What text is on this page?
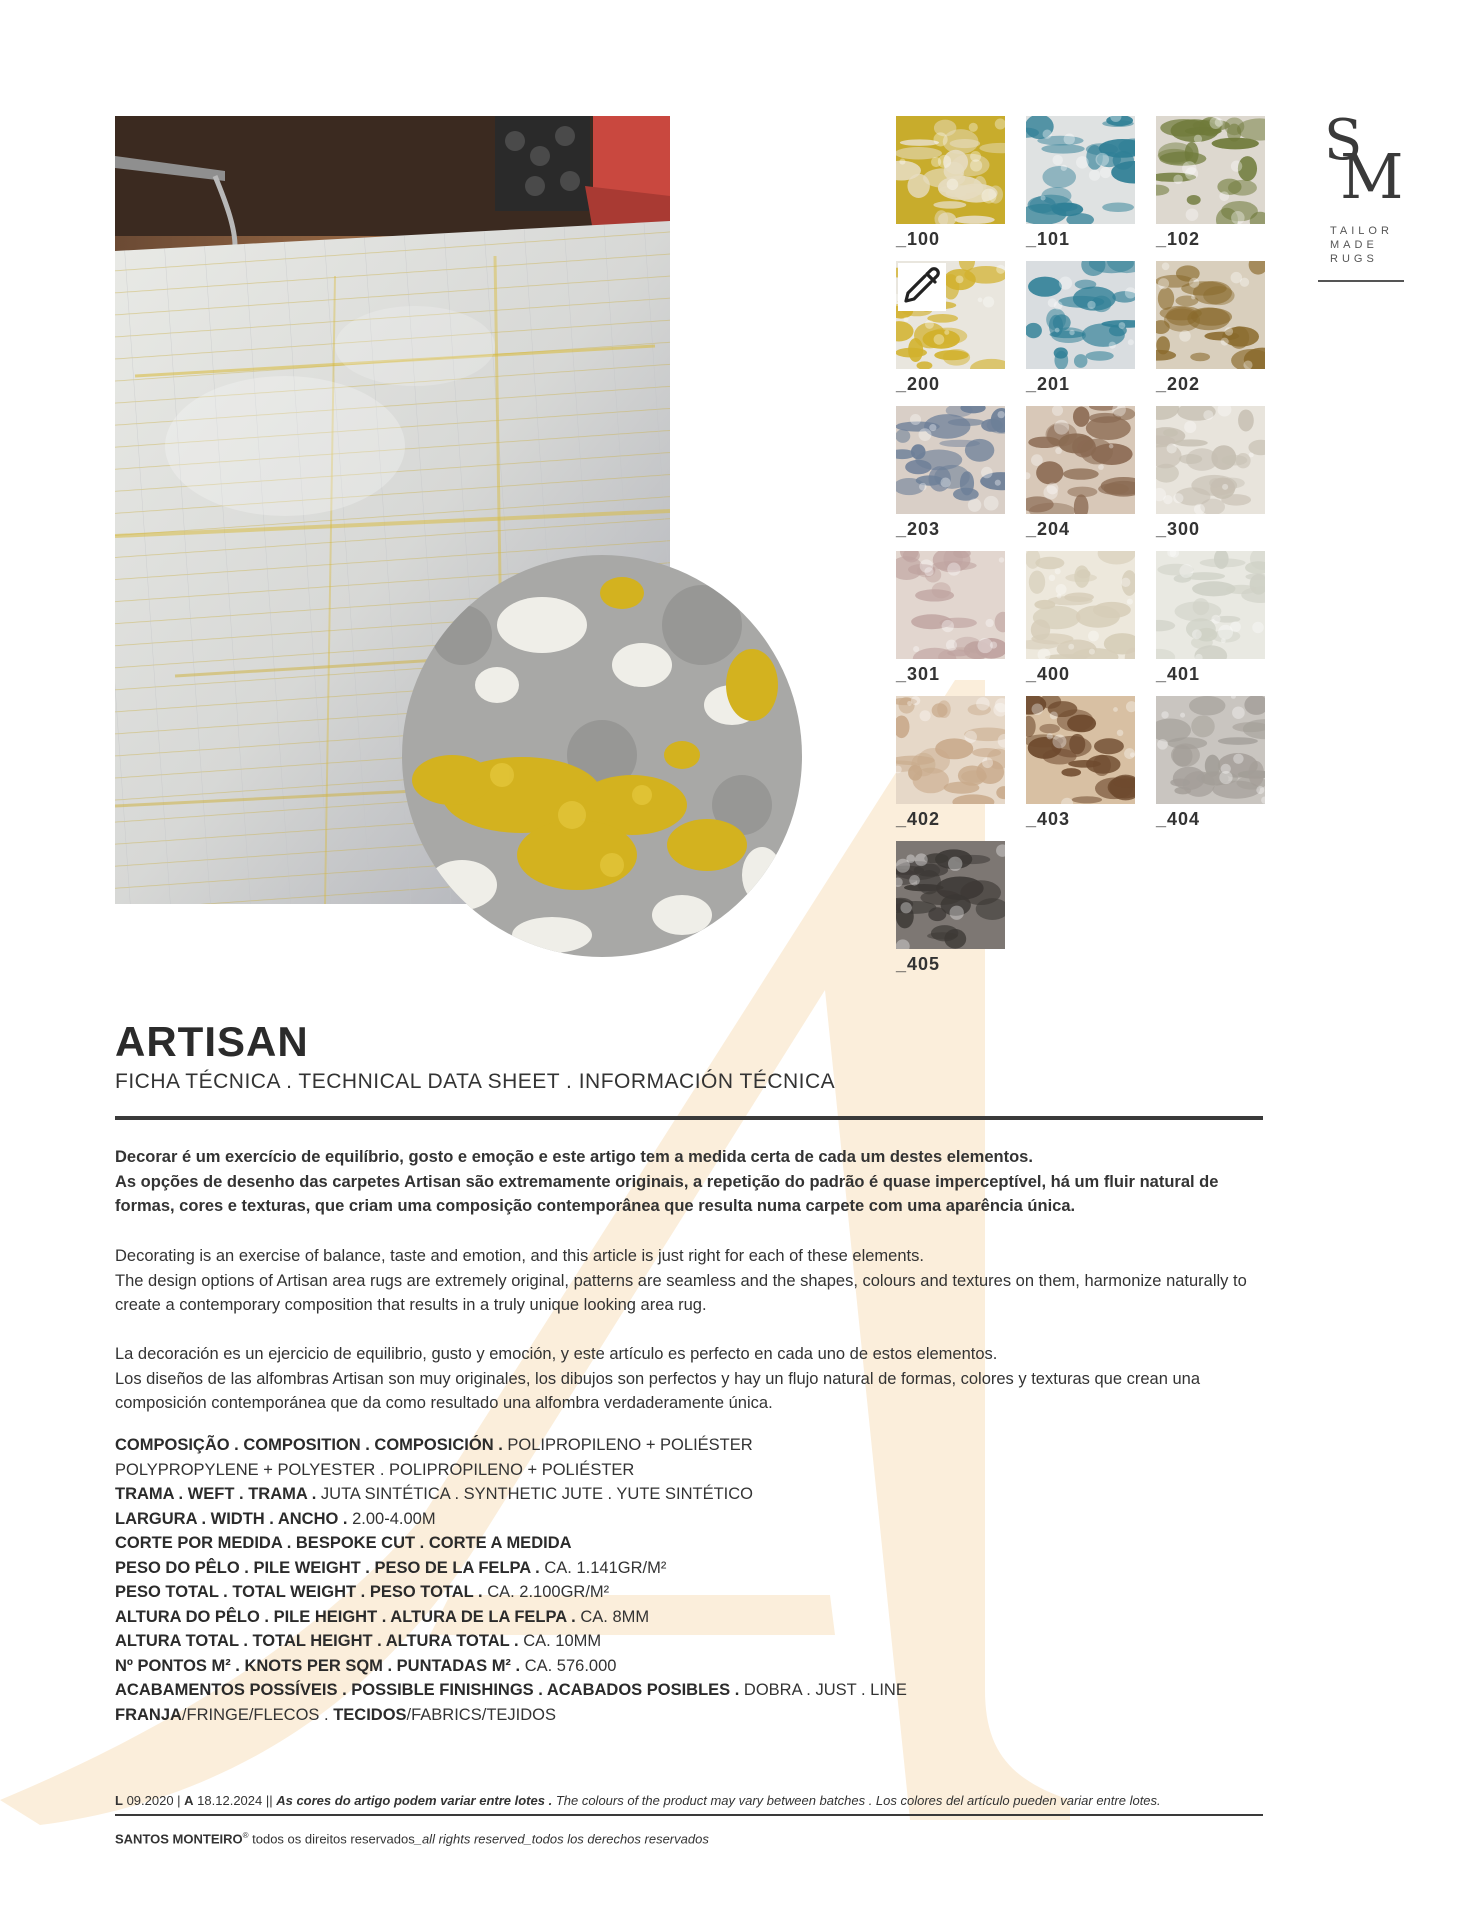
S
M
TAILOR
MADE
RUGS
_100	_101	_102
_200	_201	_202
_203	_204	_300
_301	_400	_401
_402	_403	_404
_405
ARTISAN
FICHA TÉCNICA . TECHNICAL DATA SHEET . INFORMACIÓN TÉCNICA

Decorar é um exercício de equilíbrio, gosto e emoção e este artigo tem a medida certa de cada um destes elementos.
As opções de desenho das carpetes Artisan são extremamente originais, a repetição do padrão é quase imperceptível, há um fluir natural de formas, cores e texturas, que criam uma composição contemporânea que resulta numa carpete com uma aparência única.

Decorating is an exercise of balance, taste and emotion, and this article is just right for each of these elements.
The design options of Artisan area rugs are extremely original, patterns are seamless and the shapes, colours and textures on them, harmonize naturally to create a contemporary composition that results in a truly unique looking area rug.

La decoración es un ejercicio de equilibrio, gusto y emoción, y este artículo es perfecto en cada uno de estos elementos.
Los diseños de las alfombras Artisan son muy originales, los dibujos son perfectos y hay un flujo natural de formas, colores y texturas que crean una composición contemporánea que da como resultado una alfombra verdaderamente única.

COMPOSIÇÃO . COMPOSITION . COMPOSICIÓN . POLIPROPILENO + POLIÉSTER
POLYPROPYLENE + POLYESTER . POLIPROPILENO + POLIÉSTER
TRAMA . WEFT . TRAMA . JUTA SINTÉTICA . SYNTHETIC JUTE . YUTE SINTÉTICO
LARGURA . WIDTH . ANCHO . 2.00-4.00M
CORTE POR MEDIDA . BESPOKE CUT . CORTE A MEDIDA
PESO DO PÊLO . PILE WEIGHT . PESO DE LA FELPA . CA. 1.141GR/M²
PESO TOTAL . TOTAL WEIGHT . PESO TOTAL . CA. 2.100GR/M²
ALTURA DO PÊLO . PILE HEIGHT . ALTURA DE LA FELPA . CA. 8MM
ALTURA TOTAL . TOTAL HEIGHT . ALTURA TOTAL . CA. 10MM
Nº PONTOS M² . KNOTS PER SQM . PUNTADAS M² . CA. 576.000
ACABAMENTOS POSSÍVEIS . POSSIBLE FINISHINGS . ACABADOS POSIBLES . DOBRA . JUST . LINE
FRANJA/FRINGE/FLECOS . TECIDOS/FABRICS/TEJIDOS
L 09.2020 | A 18.12.2024 || As cores do artigo podem variar entre lotes . The colours of the product may vary between batches . Los colores del artículo pueden variar entre lotes.
SANTOS MONTEIRO® todos os direitos reservados_all rights reserved_todos los derechos reservados
